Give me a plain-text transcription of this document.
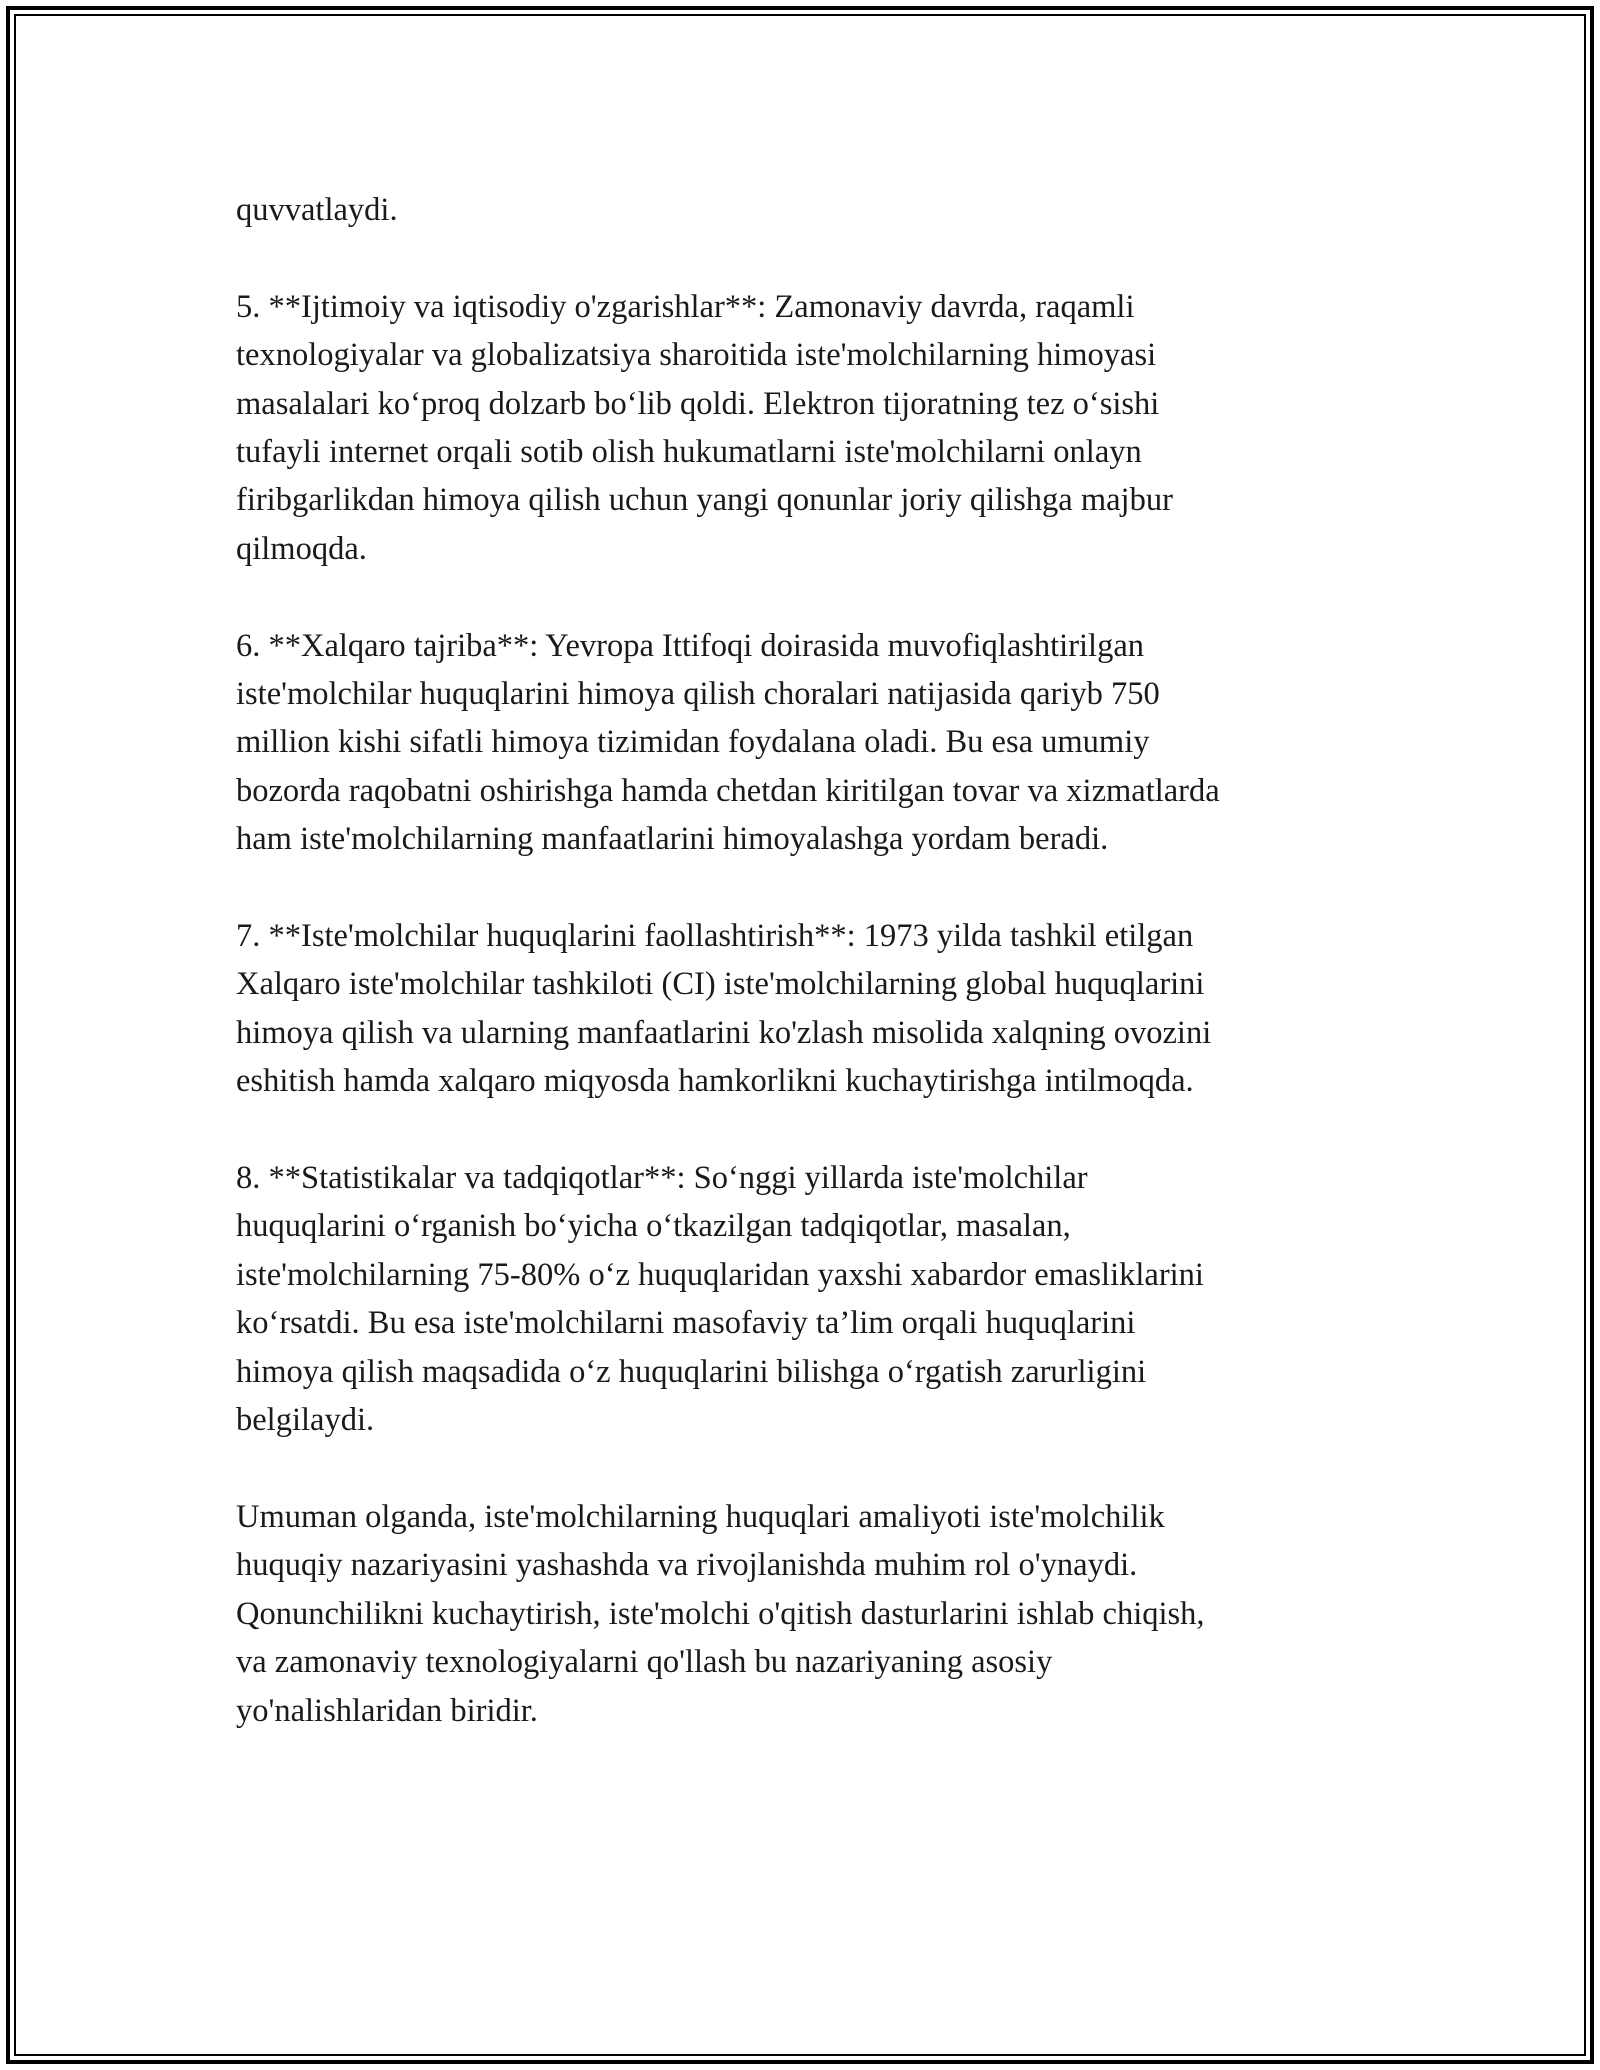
quvvatlaydi.

5. **Ijtimoiy va iqtisodiy o'zgarishlar**: Zamonaviy davrda, raqamli
texnologiyalar va globalizatsiya sharoitida iste'molchilarning himoyasi
masalalari ko‘proq dolzarb bo‘lib qoldi. Elektron tijoratning tez o‘sishi
tufayli internet orqali sotib olish hukumatlarni iste'molchilarni onlayn
firibgarlikdan himoya qilish uchun yangi qonunlar joriy qilishga majbur
qilmoqda.

6. **Xalqaro tajriba**: Yevropa Ittifoqi doirasida muvofiqlashtirilgan
iste'molchilar huquqlarini himoya qilish choralari natijasida qariyb 750
million kishi sifatli himoya tizimidan foydalana oladi. Bu esa umumiy
bozorda raqobatni oshirishga hamda chetdan kiritilgan tovar va xizmatlarda
ham iste'molchilarning manfaatlarini himoyalashga yordam beradi.

7. **Iste'molchilar huquqlarini faollashtirish**: 1973 yilda tashkil etilgan
Xalqaro iste'molchilar tashkiloti (CI) iste'molchilarning global huquqlarini
himoya qilish va ularning manfaatlarini ko'zlash misolida xalqning ovozini
eshitish hamda xalqaro miqyosda hamkorlikni kuchaytirishga intilmoqda.

8. **Statistikalar va tadqiqotlar**: So‘nggi yillarda iste'molchilar
huquqlarini o‘rganish bo‘yicha o‘tkazilgan tadqiqotlar, masalan,
iste'molchilarning 75-80% o‘z huquqlaridan yaxshi xabardor emasliklarini
ko‘rsatdi. Bu esa iste'molchilarni masofaviy ta’lim orqali huquqlarini
himoya qilish maqsadida o‘z huquqlarini bilishga o‘rgatish zarurligini
belgilaydi.

Umuman olganda, iste'molchilarning huquqlari amaliyoti iste'molchilik
huquqiy nazariyasini yashashda va rivojlanishda muhim rol o'ynaydi.
Qonunchilikni kuchaytirish, iste'molchi o'qitish dasturlarini ishlab chiqish,
va zamonaviy texnologiyalarni qo'llash bu nazariyaning asosiy
yo'nalishlaridan biridir.
